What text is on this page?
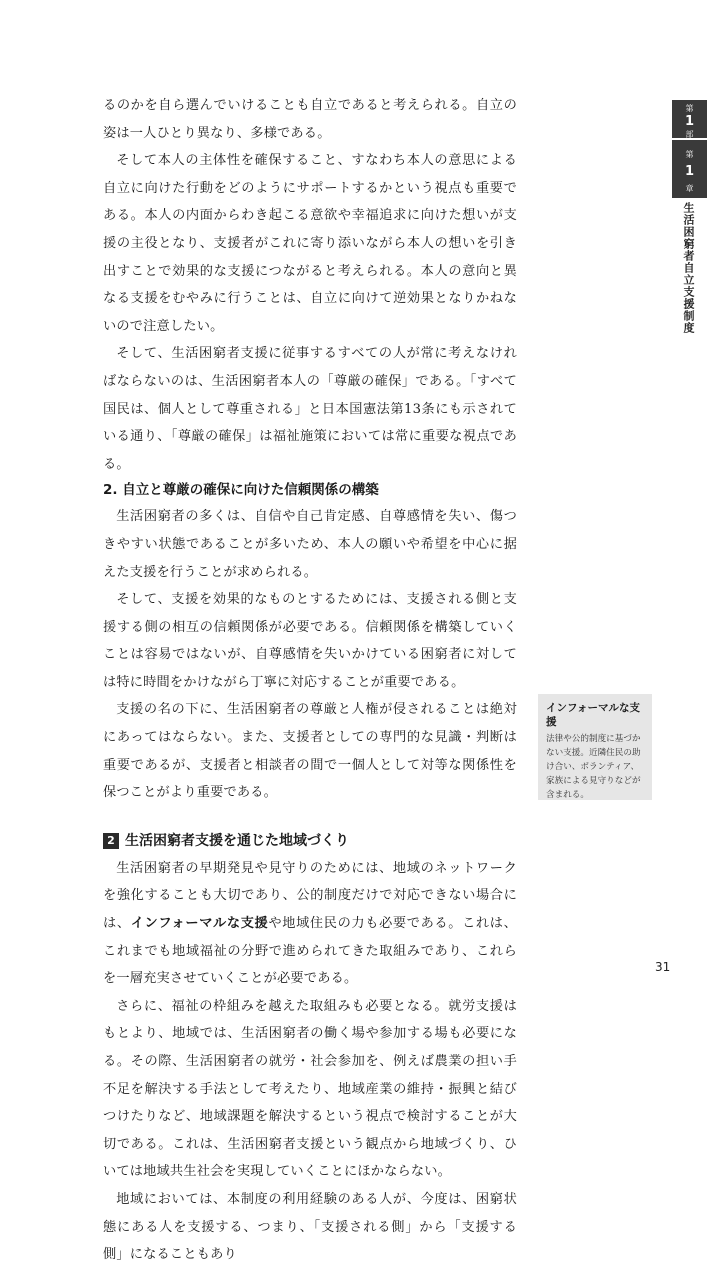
第
1
部
第
1
章
生活困窮者自立支援制度

るのかを自ら選んでいけることも自立であると考えられる。自立の姿は一人ひとり異なり、多様である。

そして本人の主体性を確保すること、すなわち本人の意思による自立に向けた行動をどのようにサポートするかという視点も重要である。本人の内面からわき起こる意欲や幸福追求に向けた想いが支援の主役となり、支援者がこれに寄り添いながら本人の想いを引き出すことで効果的な支援につながると考えられる。本人の意向と異なる支援をむやみに行うことは、自立に向けて逆効果となりかねないので注意したい。

そして、生活困窮者支援に従事するすべての人が常に考えなければならないのは、生活困窮者本人の「尊厳の確保」である。「すべて国民は、個人として尊重される」と日本国憲法第13条にも示されている通り、「尊厳の確保」は福祉施策においては常に重要な視点である。

2. 自立と尊厳の確保に向けた信頼関係の構築

生活困窮者の多くは、自信や自己肯定感、自尊感情を失い、傷つきやすい状態であることが多いため、本人の願いや希望を中心に据えた支援を行うことが求められる。

そして、支援を効果的なものとするためには、支援される側と支援する側の相互の信頼関係が必要である。信頼関係を構築していくことは容易ではないが、自尊感情を失いかけている困窮者に対しては特に時間をかけながら丁寧に対応することが重要である。

支援の名の下に、生活困窮者の尊厳と人権が侵されることは絶対にあってはならない。また、支援者としての専門的な見識・判断は重要であるが、支援者と相談者の間で一個人として対等な関係性を保つことがより重要である。

2 生活困窮者支援を通じた地域づくり

生活困窮者の早期発見や見守りのためには、地域のネットワークを強化することも大切であり、公的制度だけで対応できない場合には、インフォーマルな支援や地域住民の力も必要である。これは、これまでも地域福祉の分野で進められてきた取組みであり、これらを一層充実させていくことが必要である。

さらに、福祉の枠組みを越えた取組みも必要となる。就労支援はもとより、地域では、生活困窮者の働く場や参加する場も必要になる。その際、生活困窮者の就労・社会参加を、例えば農業の担い手不足を解決する手法として考えたり、地域産業の維持・振興と結びつけたりなど、地域課題を解決するという視点で検討することが大切である。これは、生活困窮者支援という観点から地域づくり、ひいては地域共生社会を実現していくことにほかならない。

地域においては、本制度の利用経験のある人が、今度は、困窮状態にある人を支援する、つまり、「支援される側」から「支援する側」になることもあり

インフォーマルな支援

法律や公的制度に基づかない支援。近隣住民の助け合い、ボランティア、家族による見守りなどが含まれる。

31
